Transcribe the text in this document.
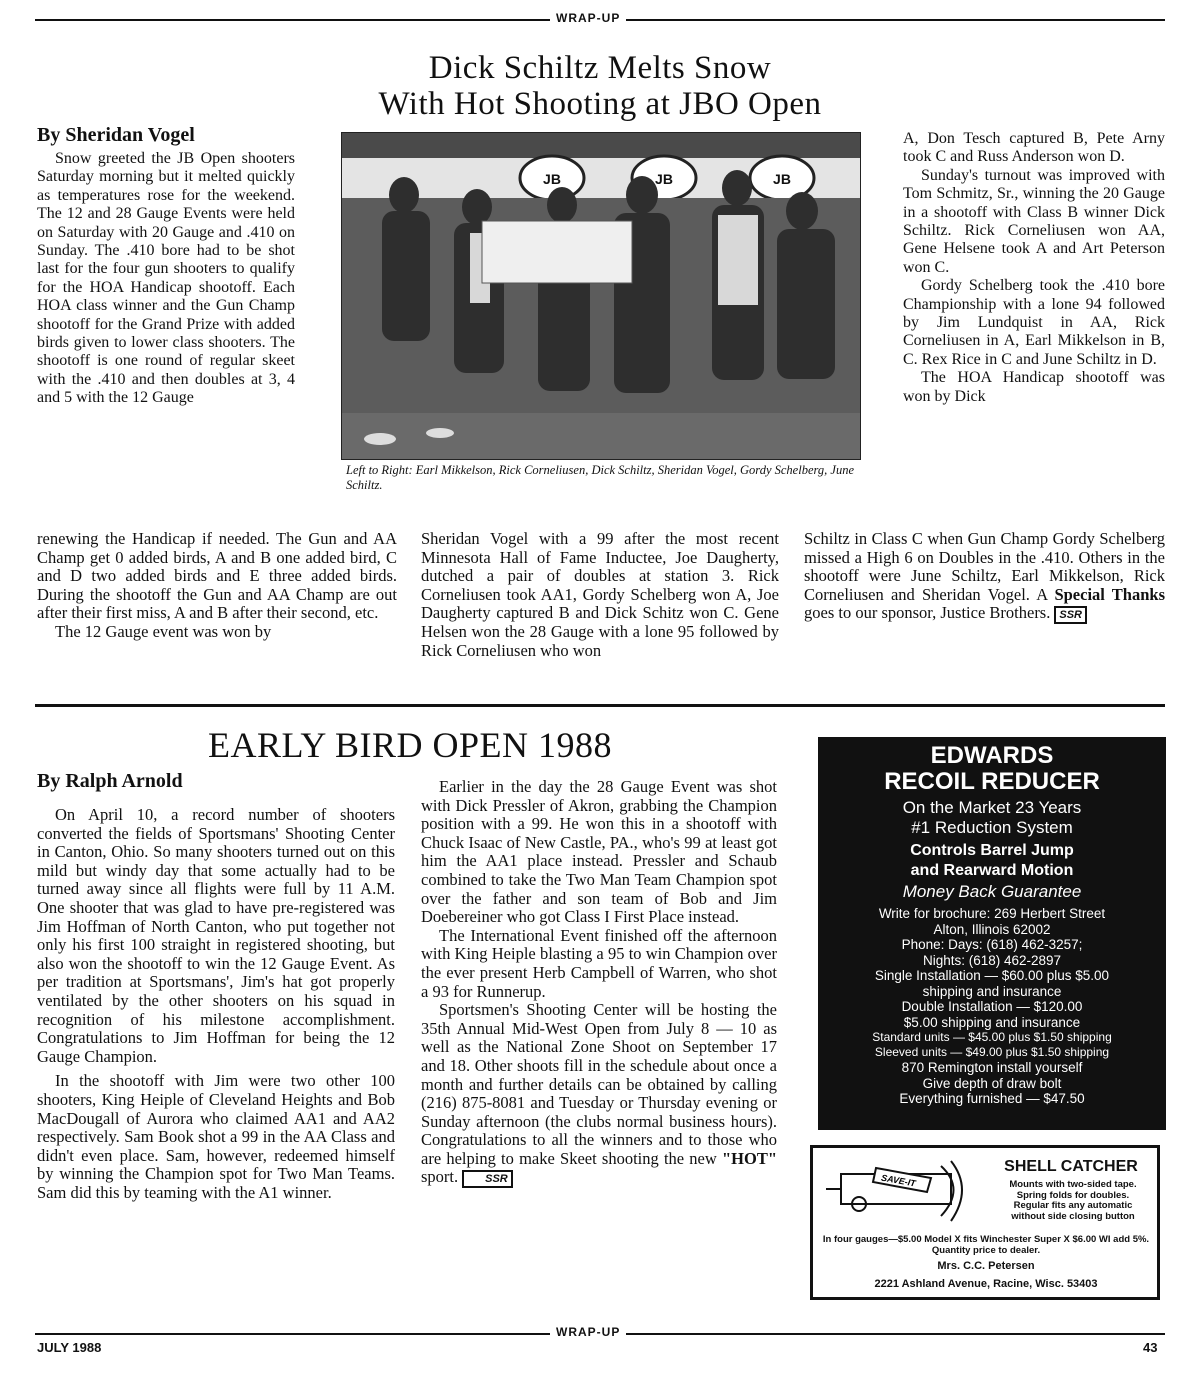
WRAP-UP
Dick Schiltz Melts Snow
With Hot Shooting at JBO Open
By Sheridan Vogel

Snow greeted the JB Open shooters Saturday morning but it melted quickly as temperatures rose for the weekend. The 12 and 28 Gauge Events were held on Saturday with 20 Gauge and .410 on Sunday. The .410 bore had to be shot last for the four gun shooters to qualify for the HOA Handicap shootoff. Each HOA class winner and the Gun Champ shootoff for the Grand Prize with added birds given to lower class shooters. The shootoff is one round of regular skeet with the .410 and then doubles at 3, 4 and 5 with the 12 Gauge

JB	JB	JB
Left to Right: Earl Mikkelson, Rick Corneliusen, Dick Schiltz, Sheridan Vogel, Gordy Schelberg, June Schiltz.

A, Don Tesch captured B, Pete Arny took C and Russ Anderson won D.

Sunday's turnout was improved with Tom Schmitz, Sr., winning the 20 Gauge in a shootoff with Class B winner Dick Schiltz. Rick Corneliusen won AA, Gene Helsene took A and Art Peterson won C.

Gordy Schelberg took the .410 bore Championship with a lone 94 followed by Jim Lundquist in AA, Rick Corneliusen in A, Earl Mikkelson in B, C. Rex Rice in C and June Schiltz in D.

The HOA Handicap shootoff was won by Dick

renewing the Handicap if needed. The Gun and AA Champ get 0 added birds, A and B one added bird, C and D two added birds and E three added birds. During the shootoff the Gun and AA Champ are out after their first miss, A and B after their second, etc.

The 12 Gauge event was won by

Sheridan Vogel with a 99 after the most recent Minnesota Hall of Fame Inductee, Joe Daugherty, dutched a pair of doubles at station 3. Rick Corneliusen took AA1, Gordy Schelberg won A, Joe Daugherty captured B and Dick Schitz won C. Gene Helsen won the 28 Gauge with a lone 95 followed by Rick Corneliusen who won

Schiltz in Class C when Gun Champ Gordy Schelberg missed a High 6 on Doubles in the .410. Others in the shootoff were June Schiltz, Earl Mikkelson, Rick Corneliusen and Sheridan Vogel. A Special Thanks goes to our sponsor, Justice Brothers. SSR

EARLY BIRD OPEN 1988
By Ralph Arnold

On April 10, a record number of shooters converted the fields of Sportsmans' Shooting Center in Canton, Ohio. So many shooters turned out on this mild but windy day that some actually had to be turned away since all flights were full by 11 A.M. One shooter that was glad to have pre-registered was Jim Hoffman of North Canton, who put together not only his first 100 straight in registered shooting, but also won the shootoff to win the 12 Gauge Event. As per tradition at Sportsmans', Jim's hat got properly ventilated by the other shooters on his squad in recognition of his milestone accomplishment. Congratulations to Jim Hoffman for being the 12 Gauge Champion.

In the shootoff with Jim were two other 100 shooters, King Heiple of Cleveland Heights and Bob MacDougall of Aurora who claimed AA1 and AA2 respectively. Sam Book shot a 99 in the AA Class and didn't even place. Sam, however, redeemed himself by winning the Champion spot for Two Man Teams. Sam did this by teaming with the A1 winner.

Earlier in the day the 28 Gauge Event was shot with Dick Pressler of Akron, grabbing the Champion position with a 99. He won this in a shootoff with Chuck Isaac of New Castle, PA., who's 99 at least got him the AA1 place instead. Pressler and Schaub combined to take the Two Man Team Champion spot over the father and son team of Bob and Jim Doebereiner who got Class I First Place instead.

The International Event finished off the afternoon with King Heiple blasting a 95 to win Champion over the ever present Herb Campbell of Warren, who shot a 93 for Runnerup.

Sportsmen's Shooting Center will be hosting the 35th Annual Mid-West Open from July 8 — 10 as well as the National Zone Shoot on September 17 and 18. Other shoots fill in the schedule about once a month and further details can be obtained by calling (216) 875-8081 and Tuesday or Thursday evening or Sunday afternoon (the clubs normal business hours). Congratulations to all the winners and to those who are helping to make Skeet shooting the new "HOT" sport. SSR

EDWARDS
RECOIL REDUCER
On the Market 23 Years
#1 Reduction System
Controls Barrel Jump
and Rearward Motion
Money Back Guarantee
Write for brochure: 269 Herbert Street
Alton, Illinois 62002
Phone: Days: (618) 462-3257;
Nights: (618) 462-2897
Single Installation — $60.00 plus $5.00
shipping and insurance
Double Installation — $120.00
$5.00 shipping and insurance
Standard units — $45.00 plus $1.50 shipping
Sleeved units — $49.00 plus $1.50 shipping
870 Remington install yourself
Give depth of draw bolt
Everything furnished — $47.50
SAVE-IT
SHELL CATCHER
Mounts with two-sided tape. Spring folds for doubles. Regular fits any automatic without side closing button
In four gauges—$5.00 Model X fits Winchester Super X $6.00 WI add 5%. Quantity price to dealer.
Mrs. C.C. Petersen
2221 Ashland Avenue, Racine, Wisc. 53403
WRAP-UP
JULY 1988	43
